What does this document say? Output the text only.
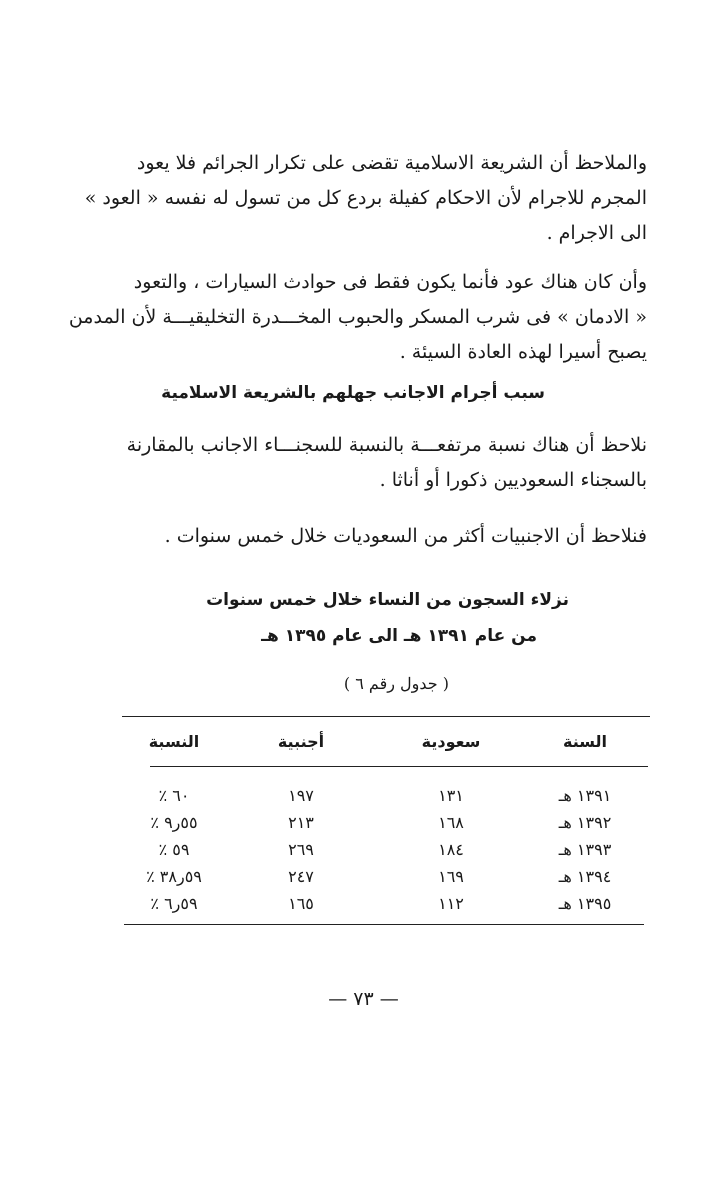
والملاحظ أن الشريعة الاسلامية تقضى على تكرار الجرائم فلا يعود
المجرم للاجرام لأن الاحكام كفيلة بردع كل من تسول له نفسه « العود »
الى الاجرام .
وأن كان هناك عود فأنما يكون فقط فى حوادث السيارات ، والتعود
« الادمان » فى شرب المسكر والحبوب المخـــدرة التخليقيـــة لأن المدمن
يصبح أسيرا لهذه العادة السيئة .
سبب أجرام الاجانب جهلهم بالشريعة الاسلامية
نلاحظ أن هناك نسبة مرتفعـــة بالنسبة للسجنـــاء الاجانب بالمقارنة
بالسجناء السعوديين ذكورا أو أناثا .
فنلاحظ أن الاجنبيات أكثر من السعوديات خلال خمس سنوات .
نزلاء السجون من النساء خلال خمس سنوات
من عام ١٣٩١ هـ الى عام ١٣٩٥ هـ
( جدول رقم ٦ )
السنة	سعودية	أجنبية	النسبة
١٣٩١ هـ	١٣١	١٩٧	٦٠ ٪
١٣٩٢ هـ	١٦٨	٢١٣	٥٥ر٩ ٪
١٣٩٣ هـ	١٨٤	٢٦٩	٥٩ ٪
١٣٩٤ هـ	١٦٩	٢٤٧	٥٩ر٣٨ ٪
١٣٩٥ هـ	١١٢	١٦٥	٥٩ر٦ ٪
— ٧٣ —
